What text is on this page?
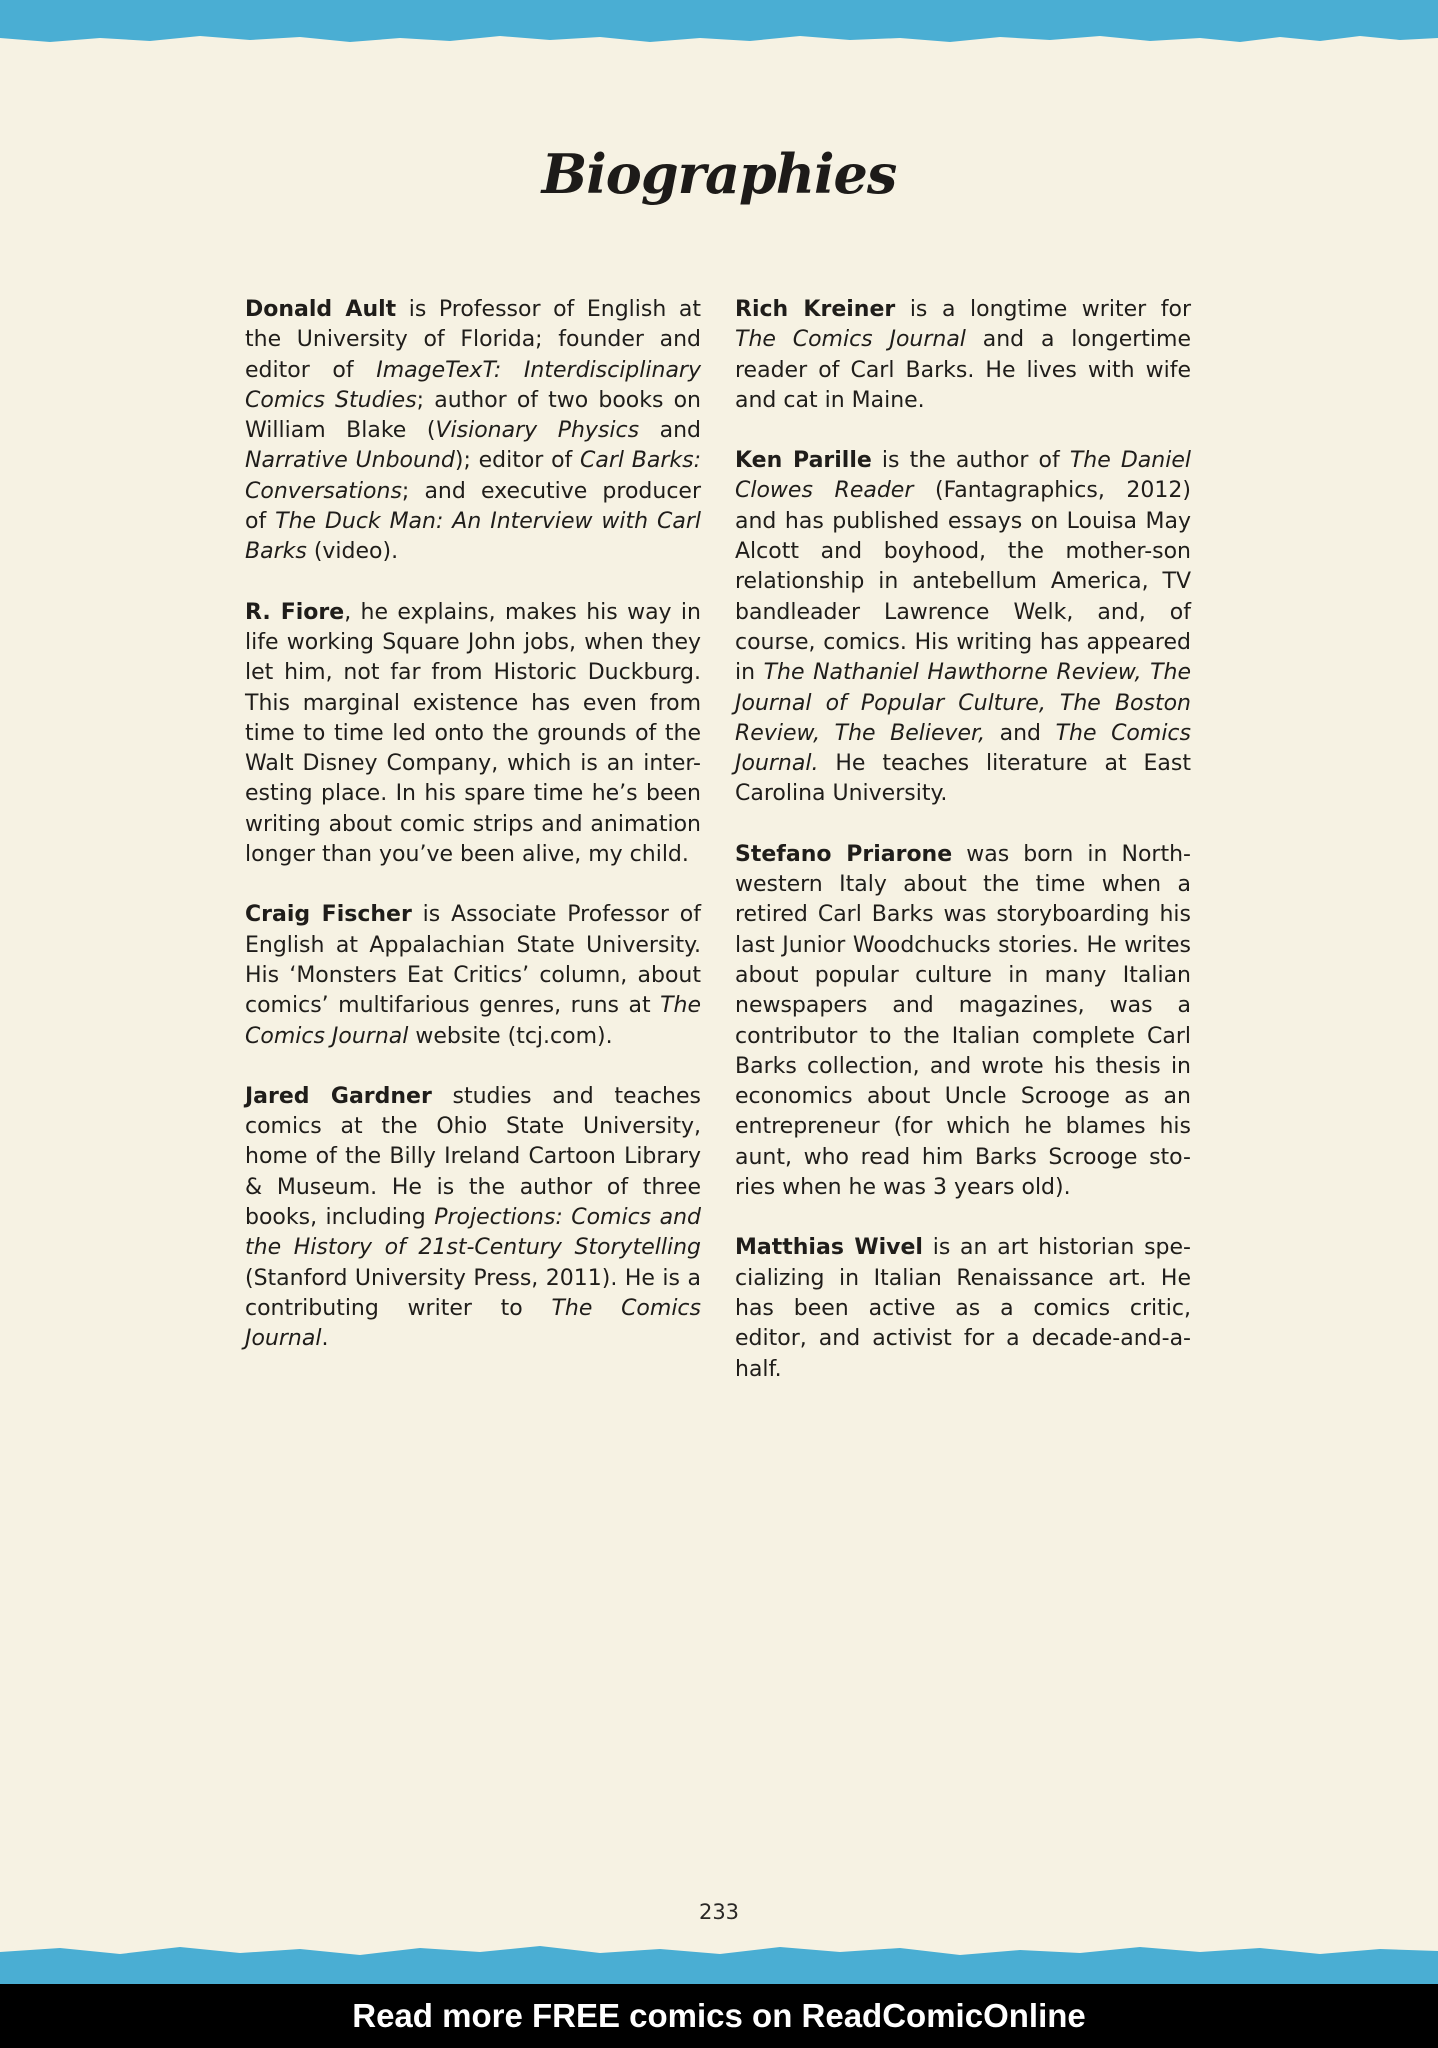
Biographies

Donald Ault is Professor of English at the University of Florida; founder and editor of ImageTexT: Interdisciplinary Comics Studies; author of two books on William Blake (Visionary Physics and Narrative Unbound); editor of Carl Barks: Conversations; and executive producer of The Duck Man: An Interview with Carl Barks (video).

R. Fiore, he explains, makes his way in life working Square John jobs, when they let him, not far from Historic Duckburg. This marginal existence has even from time to time led onto the grounds of the Walt Disney Company, which is an inter-esting place. In his spare time he’s been writing about comic strips and animation longer than you’ve been alive, my child.

Craig Fischer is Associate Professor of English at Appalachian State University. His ‘Monsters Eat Critics’ column, about comics’ multifarious genres, runs at The Comics Journal website (tcj.com).

Jared Gardner studies and teaches comics at the Ohio State University, home of the Billy Ireland Cartoon Library & Museum. He is the author of three books, including Projections: Comics and the History of 21st-Century Storytelling (Stanford University Press, 2011). He is a contributing writer to The Comics Journal.

Rich Kreiner is a longtime writer for The Comics Journal and a longertime reader of Carl Barks. He lives with wife and cat in Maine.

Ken Parille is the author of The Daniel Clowes Reader (Fantagraphics, 2012) and has published essays on Louisa May Alcott and boyhood, the mother-son relationship in antebellum America, TV bandleader Lawrence Welk, and, of course, comics. His writing has appeared in The Nathaniel Hawthorne Review, The Journal of Popular Culture, The Boston Review, The Believer, and The Comics Journal. He teaches literature at East Carolina University.

Stefano Priarone was born in North-western Italy about the time when a retired Carl Barks was storyboarding his last Junior Woodchucks stories. He writes about popular culture in many Italian newspapers and magazines, was a contributor to the Italian complete Carl Barks collection, and wrote his thesis in economics about Uncle Scrooge as an entrepreneur (for which he blames his aunt, who read him Barks Scrooge sto-ries when he was 3 years old).

Matthias Wivel is an art historian spe-cializing in Italian Renaissance art. He has been active as a comics critic, editor, and activist for a decade-and-a-half.

233
Read more FREE comics on ReadComicOnline
